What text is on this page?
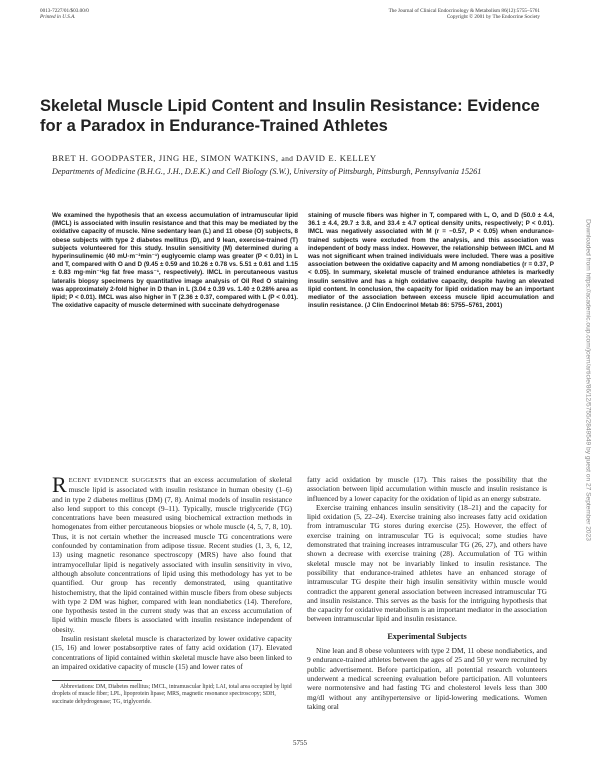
0013-7227/01/$03.00/0
Printed in U.S.A.
The Journal of Clinical Endocrinology & Metabolism 86(12):5755–5761
Copyright © 2001 by The Endocrine Society
Skeletal Muscle Lipid Content and Insulin Resistance: Evidence for a Paradox in Endurance-Trained Athletes
BRET H. GOODPASTER, JING HE, SIMON WATKINS, and DAVID E. KELLEY
Departments of Medicine (B.H.G., J.H., D.E.K.) and Cell Biology (S.W.), University of Pittsburgh, Pittsburgh, Pennsylvania 15261

We examined the hypothesis that an excess accumulation of intramuscular lipid (IMCL) is associated with insulin resistance and that this may be mediated by the oxidative capacity of muscle. Nine sedentary lean (L) and 11 obese (O) subjects, 8 obese subjects with type 2 diabetes mellitus (D), and 9 lean, exercise-trained (T) subjects volunteered for this study. Insulin sensitivity (M) determined during a hyperinsulinemic (40 mU·m⁻²min⁻¹) euglycemic clamp was greater (P < 0.01) in L and T, compared with O and D (9.45 ± 0.59 and 10.26 ± 0.78 vs. 5.51 ± 0.61 and 1.15 ± 0.83 mg·min⁻¹kg fat free mass⁻¹, respectively). IMCL in percutaneous vastus lateralis biopsy specimens by quantitative image analysis of Oil Red O staining was approximately 2-fold higher in D than in L (3.04 ± 0.39 vs. 1.40 ± 0.28% area as lipid; P < 0.01). IMCL was also higher in T (2.36 ± 0.37, compared with L (P < 0.01). The oxidative capacity of muscle determined with succinate dehydrogenase

staining of muscle fibers was higher in T, compared with L, O, and D (50.0 ± 4.4, 36.1 ± 4.4, 29.7 ± 3.8, and 33.4 ± 4.7 optical density units, respectively; P < 0.01). IMCL was negatively associated with M (r = −0.57, P < 0.05) when endurance-trained subjects were excluded from the analysis, and this association was independent of body mass index. However, the relationship between IMCL and M was not significant when trained individuals were included. There was a positive association between the oxidative capacity and M among nondiabetics (r = 0.37, P < 0.05). In summary, skeletal muscle of trained endurance athletes is markedly insulin sensitive and has a high oxidative capacity, despite having an elevated lipid content. In conclusion, the capacity for lipid oxidation may be an important mediator of the association between excess muscle lipid accumulation and insulin resistance. (J Clin Endocrinol Metab 86: 5755–5761, 2001)

RECENT EVIDENCE SUGGESTS that an excess accumulation of skeletal muscle lipid is associated with insulin resistance in human obesity (1–6) and in type 2 diabetes mellitus (DM) (7, 8). Animal models of insulin resistance also lend support to this concept (9–11). Typically, muscle triglyceride (TG) concentrations have been measured using biochemical extraction methods in homogenates from either percutaneous biopsies or whole muscle (4, 5, 7, 8, 10). Thus, it is not certain whether the increased muscle TG concentrations were confounded by contamination from adipose tissue. Recent studies (1, 3, 6, 12, 13) using magnetic resonance spectroscopy (MRS) have also found that intramyocellular lipid is negatively associated with insulin sensitivity in vivo, although absolute concentrations of lipid using this methodology has yet to be quantified. Our group has recently demonstrated, using quantitative histochemistry, that the lipid contained within muscle fibers from obese subjects with type 2 DM was higher, compared with lean nondiabetics (14). Therefore, one hypothesis tested in the current study was that an excess accumulation of lipid within muscle fibers is associated with insulin resistance independent of obesity.

Insulin resistant skeletal muscle is characterized by lower oxidative capacity (15, 16) and lower postabsorptive rates of fatty acid oxidation (17). Elevated concentrations of lipid contained within skeletal muscle have also been linked to an impaired oxidative capacity of muscle (15) and lower rates of

fatty acid oxidation by muscle (17). This raises the possibility that the association between lipid accumulation within muscle and insulin resistance is influenced by a lower capacity for the oxidation of lipid as an energy substrate.

Exercise training enhances insulin sensitivity (18–21) and the capacity for lipid oxidation (5, 22–24). Exercise training also increases fatty acid oxidation from intramuscular TG stores during exercise (25). However, the effect of exercise training on intramuscular TG is equivocal; some studies have demonstrated that training increases intramuscular TG (26, 27), and others have shown a decrease with exercise training (28). Accumulation of TG within skeletal muscle may not be invariably linked to insulin resistance. The possibility that endurance-trained athletes have an enhanced storage of intramuscular TG despite their high insulin sensitivity within muscle would contradict the apparent general association between increased intramuscular TG and insulin resistance. This serves as the basis for the intriguing hypothesis that the capacity for oxidative metabolism is an important mediator in the association between intramuscular lipid and insulin resistance.

Experimental Subjects

Nine lean and 8 obese volunteers with type 2 DM, 11 obese nondiabetics, and 9 endurance-trained athletes between the ages of 25 and 50 yr were recruited by public advertisement. Before participation, all potential research volunteers underwent a medical screening evaluation before participation. All volunteers were normotensive and had fasting TG and cholesterol levels less than 300 mg/dl without any antihypertensive or lipid-lowering medications. Women taking oral

Abbreviations: DM, Diabetes mellitus; IMCL, intramuscular lipid; LAI, total area occupied by lipid droplets of muscle fiber; LPL, lipoprotein lipase; MRS, magnetic resonance spectroscopy; SDH, succinate dehydrogenase; TG, triglyceride.
5755
Downloaded from https://academic.oup.com/jcem/article/86/12/5755/2849549 by guest on 27 September 2023
